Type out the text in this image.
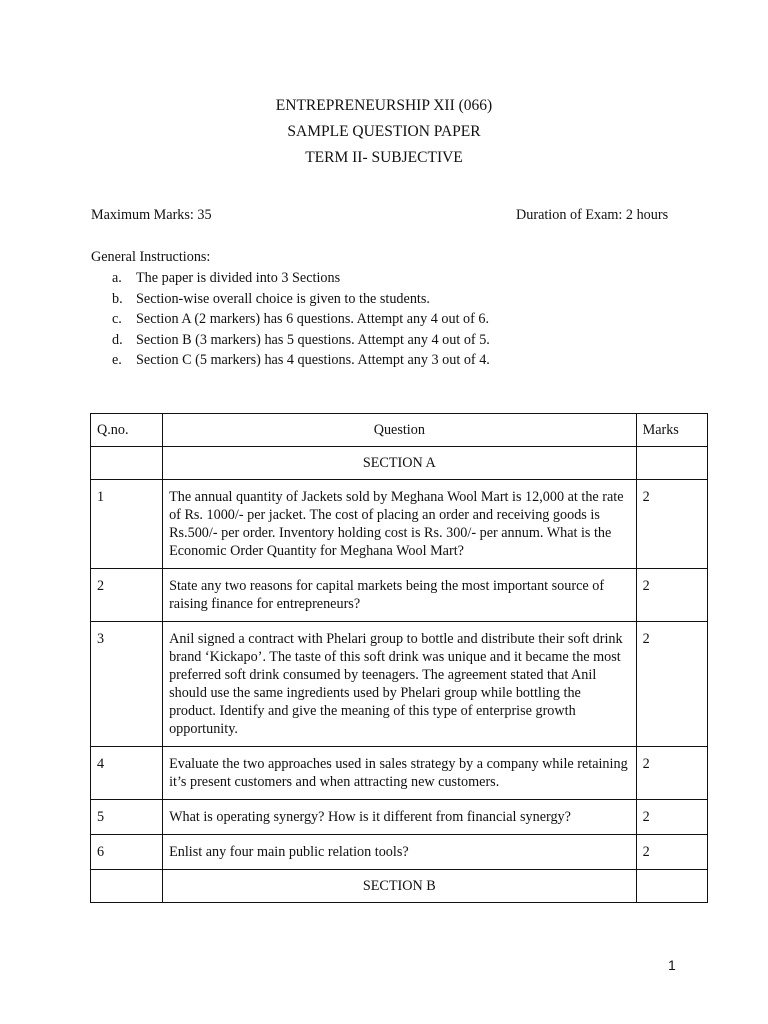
ENTREPRENEURSHIP XII (066)
SAMPLE QUESTION PAPER
TERM II- SUBJECTIVE
Maximum Marks: 35	Duration of Exam: 2 hours
General Instructions:
a. The paper is divided into 3 Sections
b. Section-wise overall choice is given to the students.
c. Section A (2 markers) has 6 questions. Attempt any 4 out of 6.
d. Section B (3 markers) has 5 questions. Attempt any 4 out of 5.
e. Section C (5 markers) has 4 questions. Attempt any 3 out of 4.
Q.no.	Question	Marks
	SECTION A	
1	The annual quantity of Jackets sold by Meghana Wool Mart is 12,000 at the rate of Rs. 1000/- per jacket. The cost of placing an order and receiving goods is Rs.500/- per order. Inventory holding cost is Rs. 300/- per annum. What is the Economic Order Quantity for Meghana Wool Mart?	2
2	State any two reasons for capital markets being the most important source of raising finance for entrepreneurs?	2
3	Anil signed a contract with Phelari group to bottle and distribute their soft drink brand ‘Kickapo’. The taste of this soft drink was unique and it became the most preferred soft drink consumed by teenagers. The agreement stated that Anil should use the same ingredients used by Phelari group while bottling the product. Identify and give the meaning of this type of enterprise growth opportunity.	2
4	Evaluate the two approaches used in sales strategy by a company while retaining it’s present customers and when attracting new customers.	2
5	What is operating synergy? How is it different from financial synergy?	2
6	Enlist any four main public relation tools?	2
	SECTION B	
1
